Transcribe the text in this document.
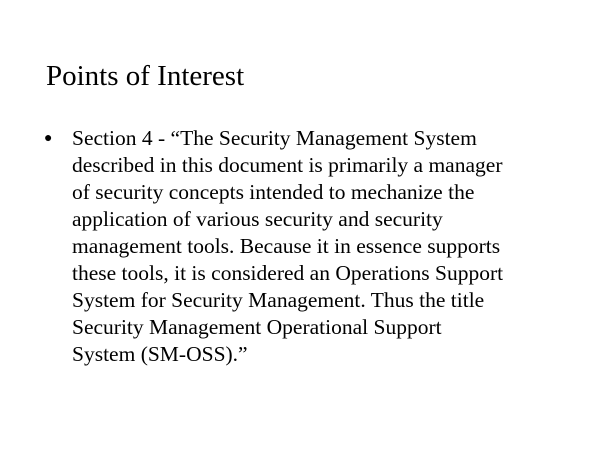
Points of Interest
● Section 4 - “The Security Management System
described in this document is primarily a manager
of security concepts intended to mechanize the
application of various security and security
management tools. Because it in essence supports
these tools, it is considered an Operations Support
System for Security Management. Thus the title
Security Management Operational Support
System (SM-OSS).”
